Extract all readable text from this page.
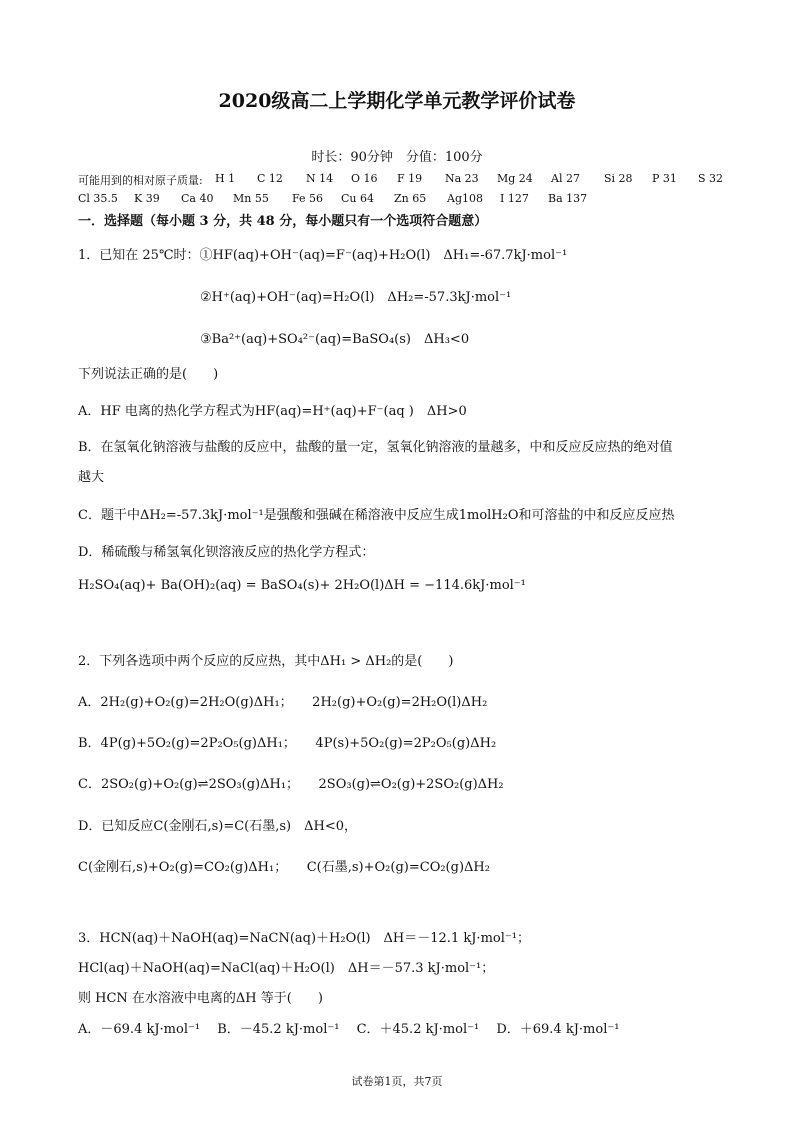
2020级高二上学期化学单元教学评价试卷
时长：90分钟　分值：100分
可能用到的相对原子质量: H 1 C 12 N 14 O 16 F 19 Na 23 Mg 24 Al 27 Si 28 P 31 S 32
Cl 35.5 K 39 Ca 40 Mn 55 Fe 56 Cu 64 Zn 65 Ag108 I 127 Ba 137
一．选择题（每小题 3 分，共 48 分，每小题只有一个选项符合题意）
1．已知在 25℃时：①HF(aq)+OH⁻(aq)=F⁻(aq)+H₂O(l)　ΔH₁=-67.7kJ·mol⁻¹
②H⁺(aq)+OH⁻(aq)=H₂O(l)　ΔH₂=-57.3kJ·mol⁻¹
③Ba²⁺(aq)+SO₄²⁻(aq)=BaSO₄(s)　ΔH₃<0
下列说法正确的是(　　)
A．HF 电离的热化学方程式为HF(aq)=H⁺(aq)+F⁻(aq )　ΔH>0
B．在氢氧化钠溶液与盐酸的反应中，盐酸的量一定，氢氧化钠溶液的量越多，中和反应反应热的绝对值
越大
C．题干中ΔH₂=-57.3kJ·mol⁻¹是强酸和强碱在稀溶液中反应生成1molH₂O和可溶盐的中和反应反应热
D．稀硫酸与稀氢氧化钡溶液反应的热化学方程式：
H₂SO₄(aq)+ Ba(OH)₂(aq) = BaSO₄(s)+ 2H₂O(l)ΔH = −114.6kJ·mol⁻¹
2．下列各选项中两个反应的反应热，其中ΔH₁ > ΔH₂的是(　　)
A．2H₂(g)+O₂(g)=2H₂O(g)ΔH₁；　　2H₂(g)+O₂(g)=2H₂O(l)ΔH₂
B．4P(g)+5O₂(g)=2P₂O₅(g)ΔH₁；　　4P(s)+5O₂(g)=2P₂O₅(g)ΔH₂
C．2SO₂(g)+O₂(g)⇌2SO₃(g)ΔH₁；　　2SO₃(g)⇌O₂(g)+2SO₂(g)ΔH₂
D．已知反应C(金刚石,s)=C(石墨,s)　ΔH<0，
C(金刚石,s)+O₂(g)=CO₂(g)ΔH₁；　　C(石墨,s)+O₂(g)=CO₂(g)ΔH₂
3．HCN(aq)＋NaOH(aq)=NaCN(aq)＋H₂O(l)　ΔH＝－12.1 kJ·mol⁻¹；
HCl(aq)＋NaOH(aq)=NaCl(aq)＋H₂O(l)　ΔH＝－57.3 kJ·mol⁻¹；
则 HCN 在水溶液中电离的ΔH 等于(　　)
A．－69.4 kJ·mol⁻¹　 B．－45.2 kJ·mol⁻¹　 C．＋45.2 kJ·mol⁻¹　 D．＋69.4 kJ·mol⁻¹
试卷第1页，共7页
